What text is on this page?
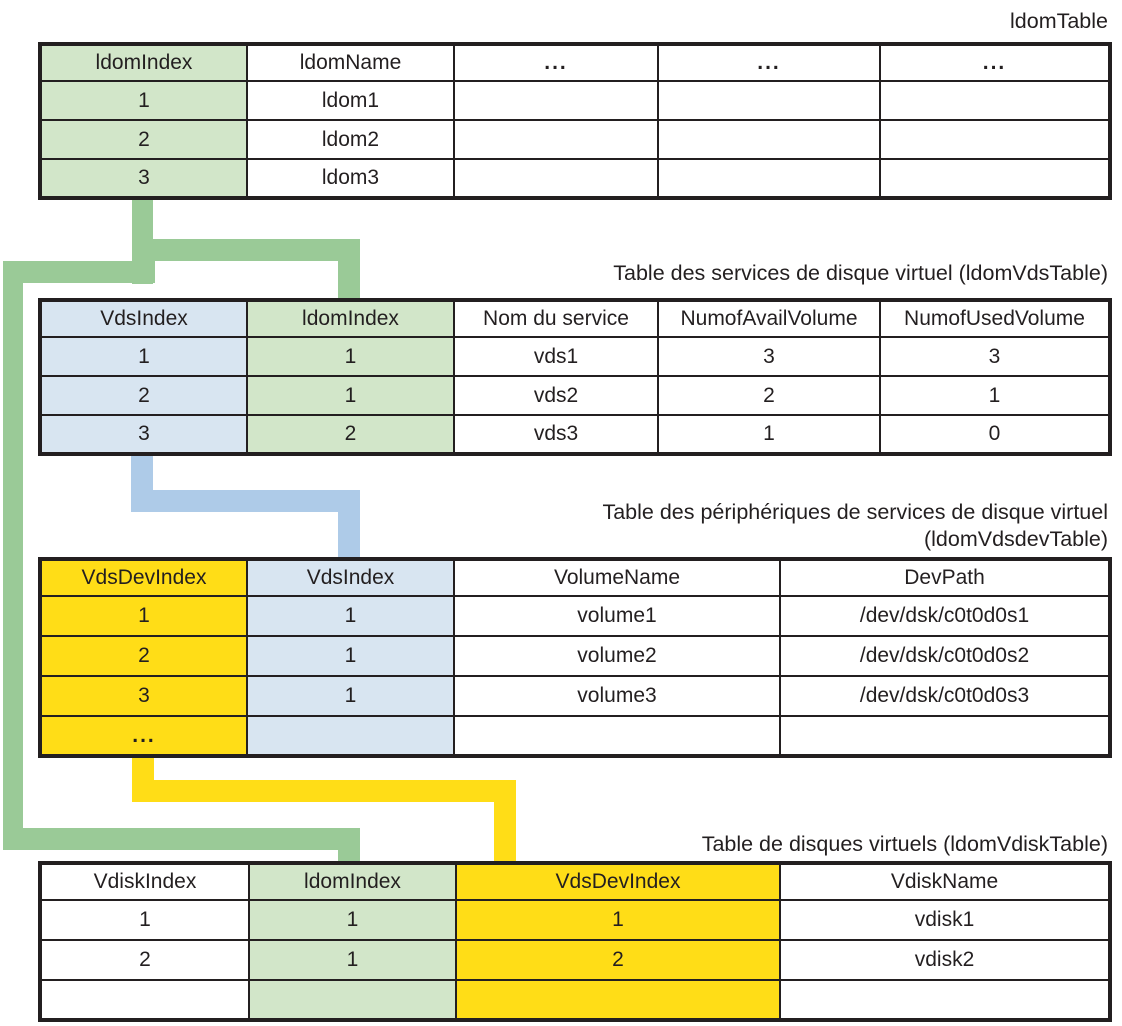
ldomTable
Table des services de disque virtuel (ldomVdsTable)
Table des périphériques de services de disque virtuel
(ldomVdsdevTable)
Table de disques virtuels (ldomVdiskTable)
ldomIndex	ldomName	...	...	...
1	ldom1			
2	ldom2			
3	ldom3			
VdsIndex	ldomIndex	Nom du service	NumofAvailVolume	NumofUsedVolume
1	1	vds1	3	3
2	1	vds2	2	1
3	2	vds3	1	0
VdsDevIndex	VdsIndex	VolumeName	DevPath
1	1	volume1	/dev/dsk/c0t0d0s1
2	1	volume2	/dev/dsk/c0t0d0s2
3	1	volume3	/dev/dsk/c0t0d0s3
...			
VdiskIndex	ldomIndex	VdsDevIndex	VdiskName
1	1	1	vdisk1
2	1	2	vdisk2
